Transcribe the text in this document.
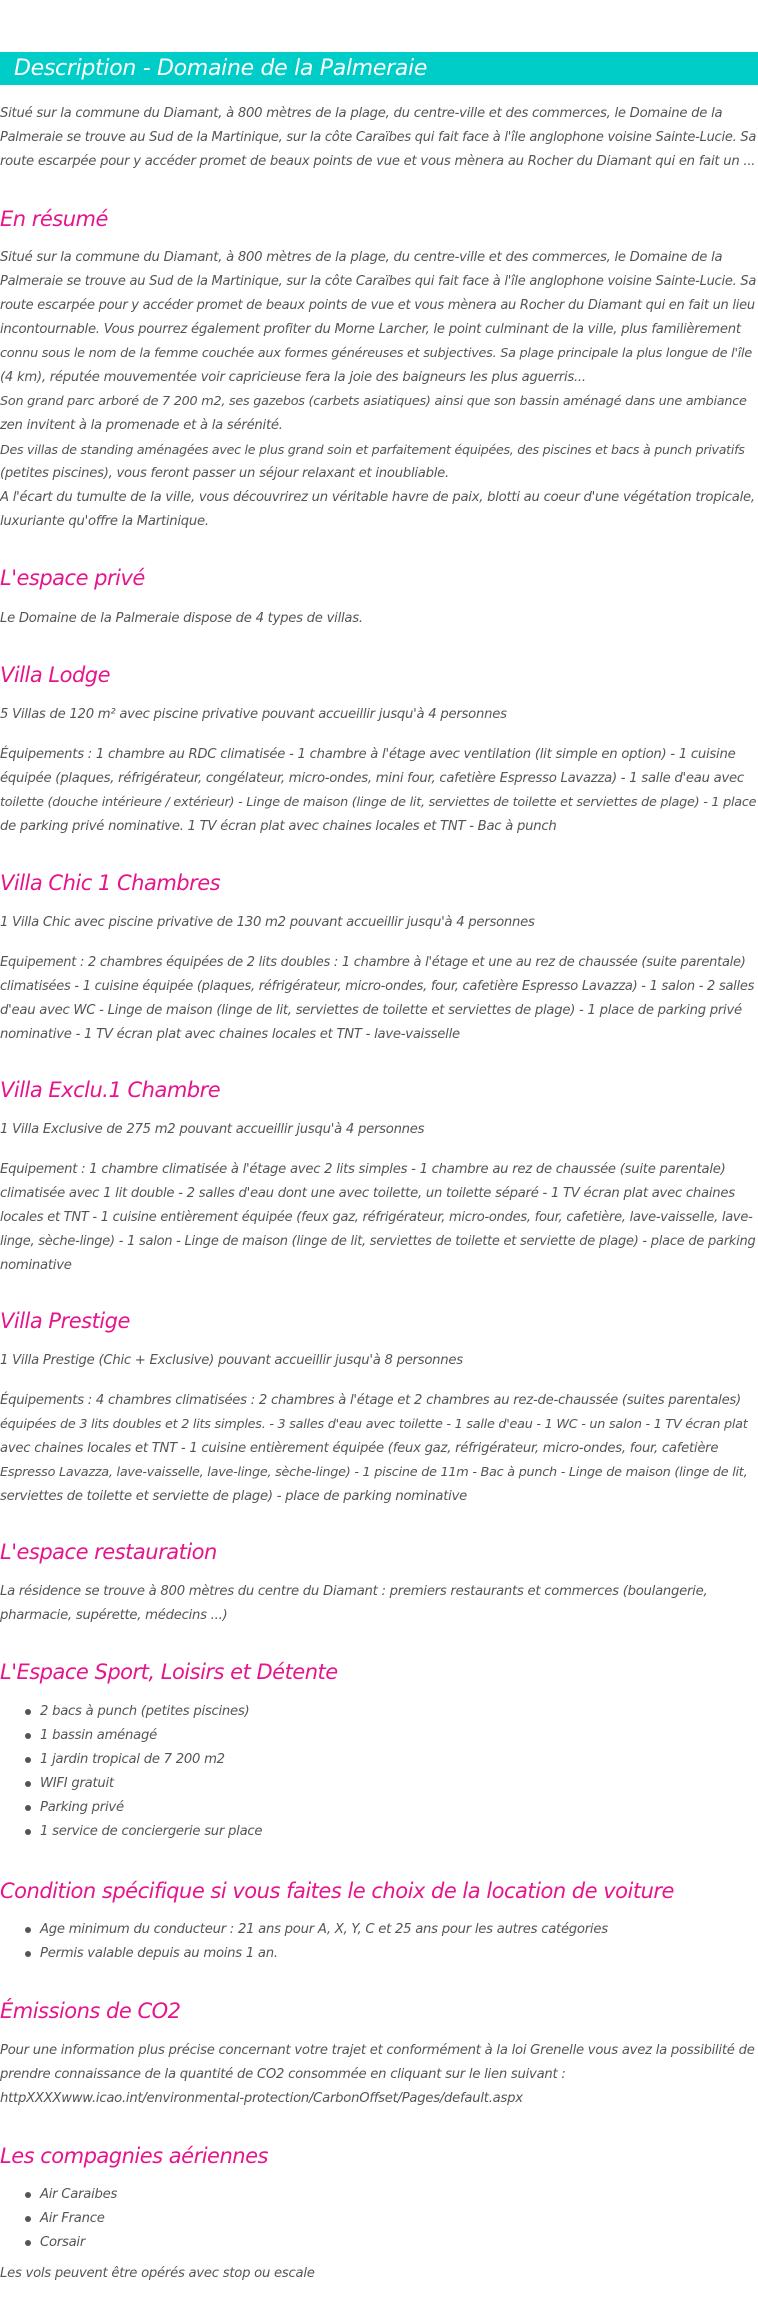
Description - Domaine de la Palmeraie
Situé sur la commune du Diamant, à 800 mètres de la plage, du centre-ville et des commerces, le Domaine de la
Palmeraie se trouve au Sud de la Martinique, sur la côte Caraïbes qui fait face à l'île anglophone voisine Sainte-Lucie. Sa
route escarpée pour y accéder promet de beaux points de vue et vous mènera au Rocher du Diamant qui en fait un ...
En résumé
Situé sur la commune du Diamant, à 800 mètres de la plage, du centre-ville et des commerces, le Domaine de la
Palmeraie se trouve au Sud de la Martinique, sur la côte Caraïbes qui fait face à l'île anglophone voisine Sainte-Lucie. Sa
route escarpée pour y accéder promet de beaux points de vue et vous mènera au Rocher du Diamant qui en fait un lieu
incontournable. Vous pourrez également profiter du Morne Larcher, le point culminant de la ville, plus familièrement
connu sous le nom de la femme couchée aux formes généreuses et subjectives. Sa plage principale la plus longue de l'île
(4 km), réputée mouvementée voir capricieuse fera la joie des baigneurs les plus aguerris...
Son grand parc arboré de 7 200 m2, ses gazebos (carbets asiatiques) ainsi que son bassin aménagé dans une ambiance
zen invitent à la promenade et à la sérénité.
Des villas de standing aménagées avec le plus grand soin et parfaitement équipées, des piscines et bacs à punch privatifs
(petites piscines), vous feront passer un séjour relaxant et inoubliable.
A l'écart du tumulte de la ville, vous découvrirez un véritable havre de paix, blotti au coeur d'une végétation tropicale,
luxuriante qu'offre la Martinique.
L'espace privé
Le Domaine de la Palmeraie dispose de 4 types de villas.
Villa Lodge
5 Villas de 120 m² avec piscine privative pouvant accueillir jusqu'à 4 personnes
Équipements : 1 chambre au RDC climatisée - 1 chambre à l'étage avec ventilation (lit simple en option) - 1 cuisine
équipée (plaques, réfrigérateur, congélateur, micro-ondes, mini four, cafetière Espresso Lavazza) - 1 salle d'eau avec
toilette (douche intérieure / extérieur) - Linge de maison (linge de lit, serviettes de toilette et serviettes de plage) - 1 place
de parking privé nominative. 1 TV écran plat avec chaines locales et TNT - Bac à punch
Villa Chic 1 Chambres
1 Villa Chic avec piscine privative de 130 m2 pouvant accueillir jusqu'à 4 personnes
Equipement : 2 chambres équipées de 2 lits doubles : 1 chambre à l'étage et une au rez de chaussée (suite parentale)
climatisées - 1 cuisine équipée (plaques, réfrigérateur, micro-ondes, four, cafetière Espresso Lavazza) - 1 salon - 2 salles
d'eau avec WC - Linge de maison (linge de lit, serviettes de toilette et serviettes de plage) - 1 place de parking privé
nominative - 1 TV écran plat avec chaines locales et TNT - lave-vaisselle
Villa Exclu.1 Chambre
1 Villa Exclusive de 275 m2 pouvant accueillir jusqu'à 4 personnes
Equipement : 1 chambre climatisée à l'étage avec 2 lits simples - 1 chambre au rez de chaussée (suite parentale)
climatisée avec 1 lit double - 2 salles d'eau dont une avec toilette, un toilette séparé - 1 TV écran plat avec chaines
locales et TNT - 1 cuisine entièrement équipée (feux gaz, réfrigérateur, micro-ondes, four, cafetière, lave-vaisselle, lave-
linge, sèche-linge) - 1 salon - Linge de maison (linge de lit, serviettes de toilette et serviette de plage) - place de parking
nominative
Villa Prestige
1 Villa Prestige (Chic + Exclusive) pouvant accueillir jusqu'à 8 personnes
Équipements : 4 chambres climatisées : 2 chambres à l'étage et 2 chambres au rez-de-chaussée (suites parentales)
équipées de 3 lits doubles et 2 lits simples. - 3 salles d'eau avec toilette - 1 salle d'eau - 1 WC - un salon - 1 TV écran plat
avec chaines locales et TNT - 1 cuisine entièrement équipée (feux gaz, réfrigérateur, micro-ondes, four, cafetière
Espresso Lavazza, lave-vaisselle, lave-linge, sèche-linge) - 1 piscine de 11m - Bac à punch - Linge de maison (linge de lit,
serviettes de toilette et serviette de plage) - place de parking nominative
L'espace restauration
La résidence se trouve à 800 mètres du centre du Diamant : premiers restaurants et commerces (boulangerie,
pharmacie, supérette, médecins ...)
L'Espace Sport, Loisirs et Détente
2 bacs à punch (petites piscines)
1 bassin aménagé
1 jardin tropical de 7 200 m2
WIFI gratuit
Parking privé
1 service de conciergerie sur place
Condition spécifique si vous faites le choix de la location de voiture
Age minimum du conducteur : 21 ans pour A, X, Y, C et 25 ans pour les autres catégories
Permis valable depuis au moins 1 an.
Émissions de CO2
Pour une information plus précise concernant votre trajet et conformément à la loi Grenelle vous avez la possibilité de
prendre connaissance de la quantité de CO2 consommée en cliquant sur le lien suivant :
httpXXXXwww.icao.int/environmental-protection/CarbonOffset/Pages/default.aspx
Les compagnies aériennes
Air Caraibes
Air France
Corsair
Les vols peuvent être opérés avec stop ou escale
